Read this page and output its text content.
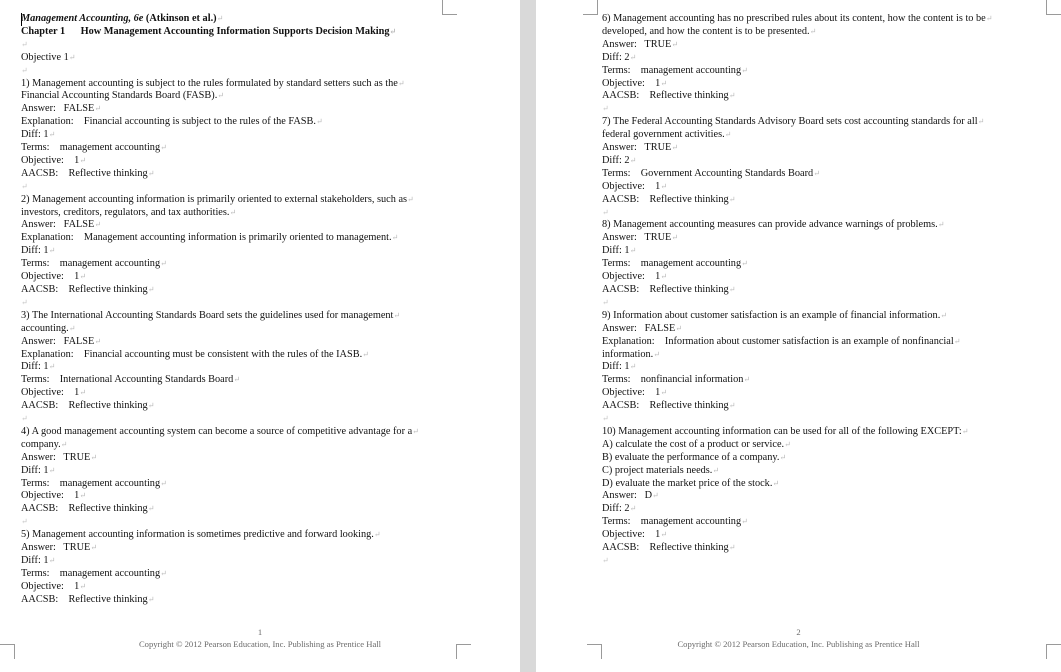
Management Accounting, 6e (Atkinson et al.)↵
Chapter 1 How Management Accounting Information Supports Decision Making↵
↵
Objective 1↵
↵
1) Management accounting is subject to the rules formulated by standard setters such as the↵
Financial Accounting Standards Board (FASB).↵
Answer:   FALSE↵
Explanation:    Financial accounting is subject to the rules of the FASB.↵
Diff: 1↵
Terms:    management accounting↵
Objective:    1↵
AACSB:    Reflective thinking↵
↵
2) Management accounting information is primarily oriented to external stakeholders, such as↵
investors, creditors, regulators, and tax authorities.↵
Answer:   FALSE↵
Explanation:    Management accounting information is primarily oriented to management.↵
Diff: 1↵
Terms:    management accounting↵
Objective:    1↵
AACSB:    Reflective thinking↵
↵
3) The International Accounting Standards Board sets the guidelines used for management↵
accounting.↵
Answer:   FALSE↵
Explanation:    Financial accounting must be consistent with the rules of the IASB.↵
Diff: 1↵
Terms:    International Accounting Standards Board↵
Objective:    1↵
AACSB:    Reflective thinking↵
↵
4) A good management accounting system can become a source of competitive advantage for a↵
company.↵
Answer:   TRUE↵
Diff: 1↵
Terms:    management accounting↵
Objective:    1↵
AACSB:    Reflective thinking↵
↵
5) Management accounting information is sometimes predictive and forward looking.↵
Answer:   TRUE↵
Diff: 1↵
Terms:    management accounting↵
Objective:    1↵
AACSB:    Reflective thinking↵
1
Copyright © 2012 Pearson Education, Inc. Publishing as Prentice Hall
6) Management accounting has no prescribed rules about its content, how the content is to be↵
developed, and how the content is to be presented.↵
Answer:   TRUE↵
Diff: 2↵
Terms:    management accounting↵
Objective:    1↵
AACSB:    Reflective thinking↵
↵
7) The Federal Accounting Standards Advisory Board sets cost accounting standards for all↵
federal government activities.↵
Answer:   TRUE↵
Diff: 2↵
Terms:    Government Accounting Standards Board↵
Objective:    1↵
AACSB:    Reflective thinking↵
↵
8) Management accounting measures can provide advance warnings of problems.↵
Answer:   TRUE↵
Diff: 1↵
Terms:    management accounting↵
Objective:    1↵
AACSB:    Reflective thinking↵
↵
9) Information about customer satisfaction is an example of financial information.↵
Answer:   FALSE↵
Explanation:    Information about customer satisfaction is an example of nonfinancial↵
information.↵
Diff: 1↵
Terms:    nonfinancial information↵
Objective:    1↵
AACSB:    Reflective thinking↵
↵
10) Management accounting information can be used for all of the following EXCEPT:↵
A) calculate the cost of a product or service.↵
B) evaluate the performance of a company.↵
C) project materials needs.↵
D) evaluate the market price of the stock.↵
Answer:   D↵
Diff: 2↵
Terms:    management accounting↵
Objective:    1↵
AACSB:    Reflective thinking↵
↵
2
Copyright © 2012 Pearson Education, Inc. Publishing as Prentice Hall
